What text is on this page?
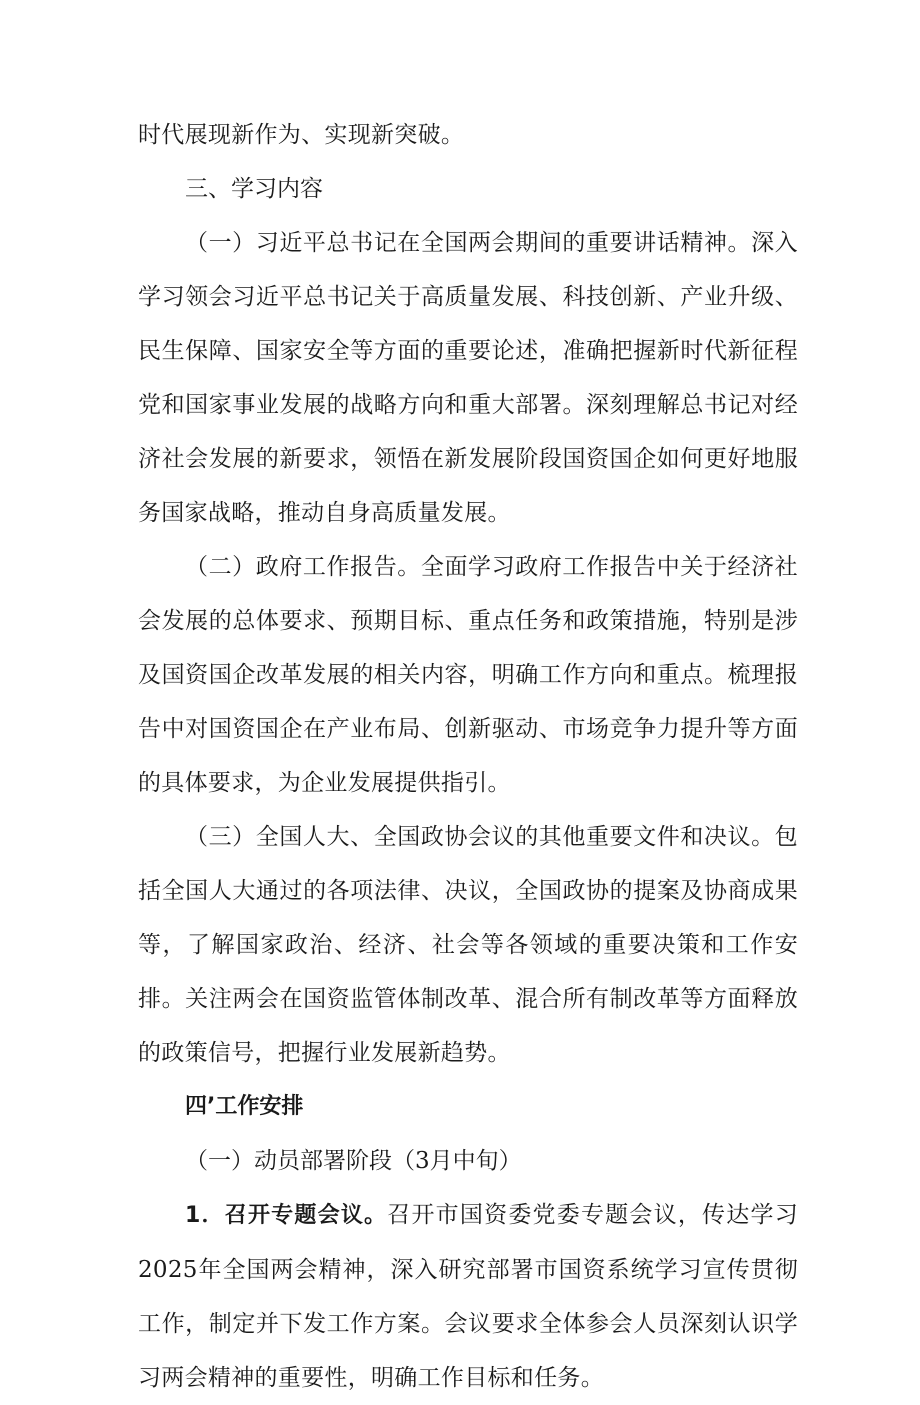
时代展现新作为、实现新突破。

三、学习内容

（一）习近平总书记在全国两会期间的重要讲话精神。深入学习领会习近平总书记关于高质量发展、科技创新、产业升级、民生保障、国家安全等方面的重要论述，准确把握新时代新征程党和国家事业发展的战略方向和重大部署。深刻理解总书记对经济社会发展的新要求，领悟在新发展阶段国资国企如何更好地服务国家战略，推动自身高质量发展。

（二）政府工作报告。全面学习政府工作报告中关于经济社会发展的总体要求、预期目标、重点任务和政策措施，特别是涉及国资国企改革发展的相关内容，明确工作方向和重点。梳理报告中对国资国企在产业布局、创新驱动、市场竞争力提升等方面的具体要求，为企业发展提供指引。

（三）全国人大、全国政协会议的其他重要文件和决议。包括全国人大通过的各项法律、决议，全国政协的提案及协商成果等，了解国家政治、经济、社会等各领域的重要决策和工作安排。关注两会在国资监管体制改革、混合所有制改革等方面释放的政策信号，把握行业发展新趋势。

四’工作安排

（一）动员部署阶段（3月中旬）

1．召开专题会议。召开市国资委党委专题会议，传达学习2025年全国两会精神，深入研究部署市国资系统学习宣传贯彻工作，制定并下发工作方案。会议要求全体参会人员深刻认识学习两会精神的重要性，明确工作目标和任务。
